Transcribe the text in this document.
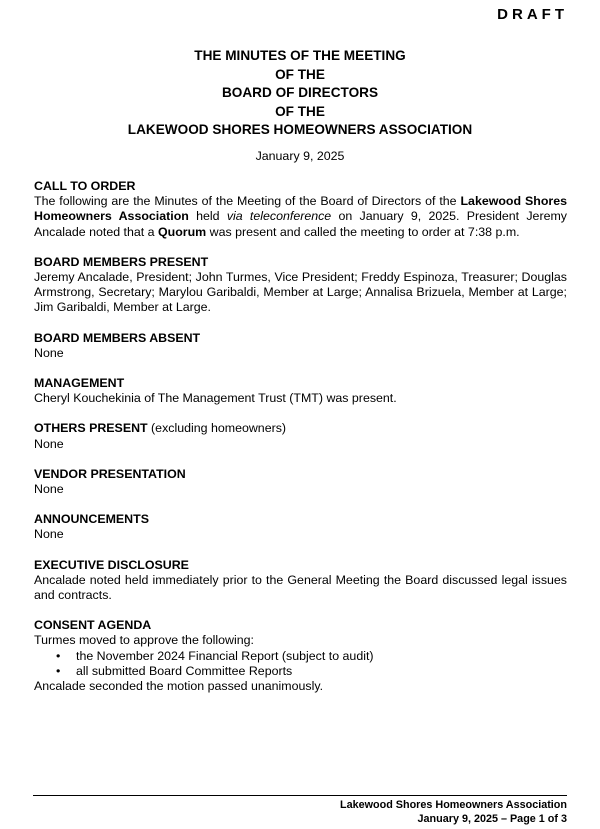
DRAFT
THE MINUTES OF THE MEETING
OF THE
BOARD OF DIRECTORS
OF THE
LAKEWOOD SHORES HOMEOWNERS ASSOCIATION
January 9, 2025
CALL TO ORDER
The following are the Minutes of the Meeting of the Board of Directors of the Lakewood Shores Homeowners Association held via teleconference on January 9, 2025. President Jeremy Ancalade noted that a Quorum was present and called the meeting to order at 7:38 p.m.
BOARD MEMBERS PRESENT
Jeremy Ancalade, President; John Turmes, Vice President; Freddy Espinoza, Treasurer; Douglas Armstrong, Secretary; Marylou Garibaldi, Member at Large; Annalisa Brizuela, Member at Large; Jim Garibaldi, Member at Large.
BOARD MEMBERS ABSENT
None
MANAGEMENT
Cheryl Kouchekinia of The Management Trust (TMT) was present.
OTHERS PRESENT (excluding homeowners)
None
VENDOR PRESENTATION
None
ANNOUNCEMENTS
None
EXECUTIVE DISCLOSURE
Ancalade noted held immediately prior to the General Meeting the Board discussed legal issues and contracts.
CONSENT AGENDA
Turmes moved to approve the following:
• the November 2024 Financial Report (subject to audit)
• all submitted Board Committee Reports
Ancalade seconded the motion passed unanimously.
Lakewood Shores Homeowners Association
January 9, 2025 – Page 1 of 3
